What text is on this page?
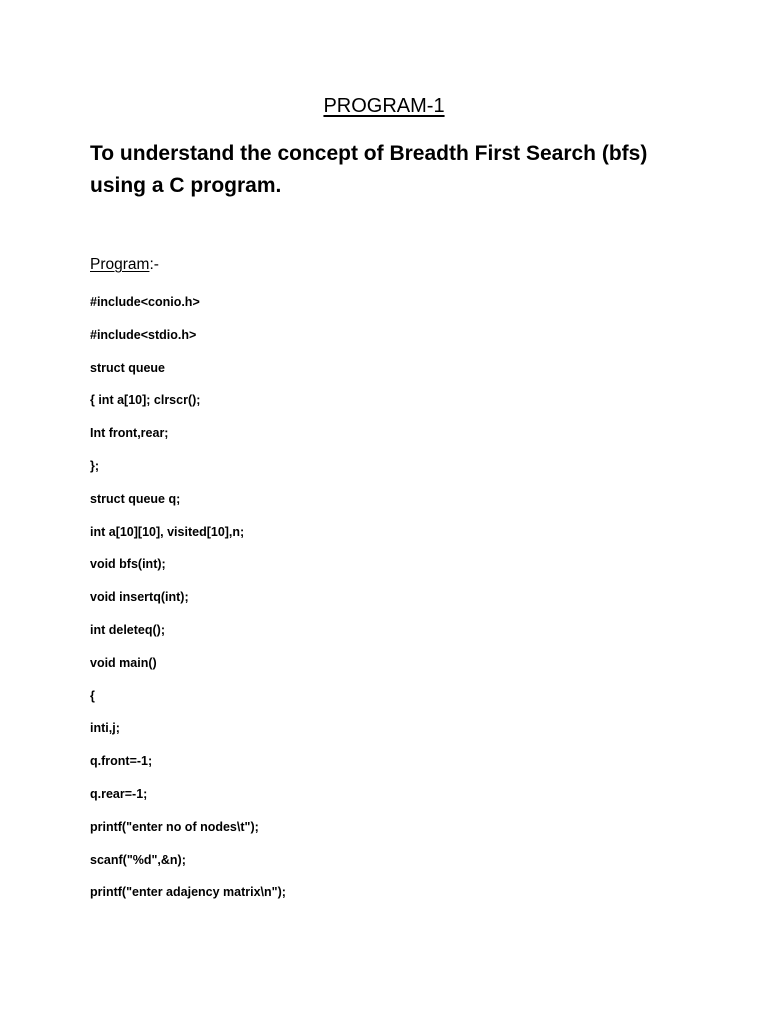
PROGRAM-1
To understand the concept of Breadth First Search (bfs) using a C program.
Program:-
#include<conio.h>
#include<stdio.h>
struct queue
{ int a[10]; clrscr();
Int front,rear;
};
struct queue q;
int a[10][10], visited[10],n;
void bfs(int);
void insertq(int);
int deleteq();
void main()
{
inti,j;
q.front=-1;
q.rear=-1;
printf("enter no of nodes\t");
scanf("%d",&n);
printf("enter adajency matrix\n");
